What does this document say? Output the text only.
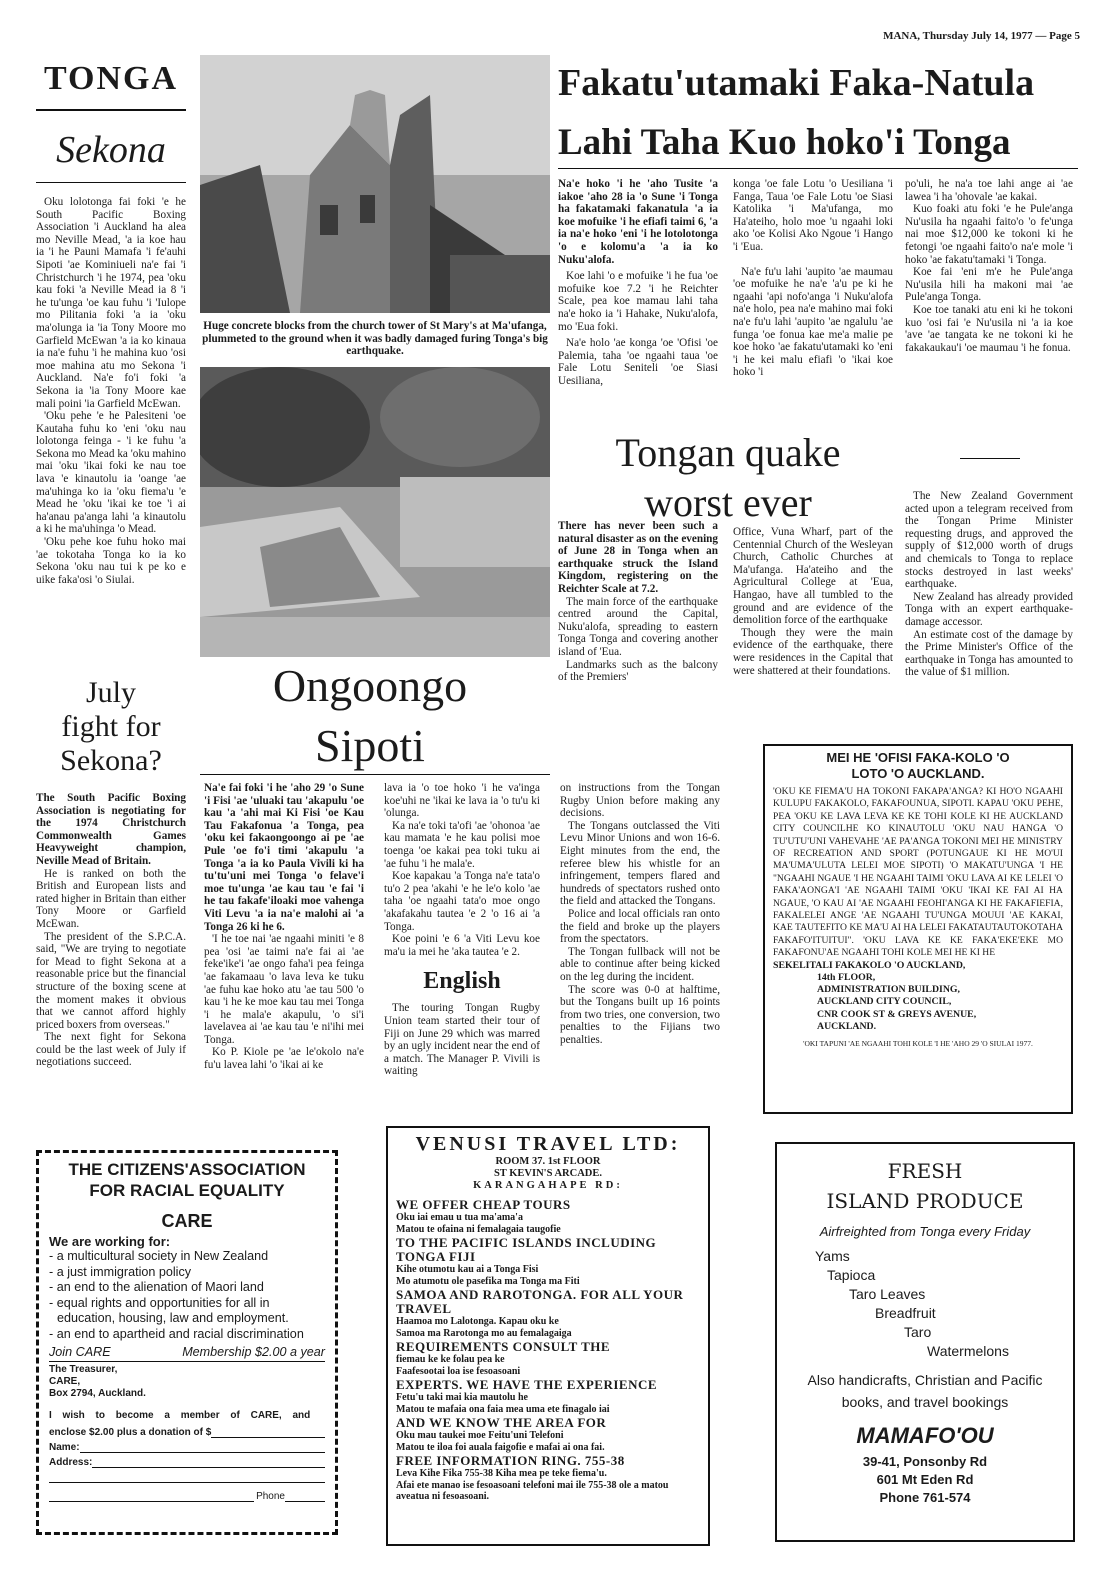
MANA, Thursday July 14, 1977 — Page 5
TONGA
Sekona

Oku lolotonga fai foki 'e he South Pacific Boxing Association 'i Auckland ha alea mo Neville Mead, 'a ia koe hau ia 'i he Pauni Mamafa 'i fe'auhi Sipoti 'ae Kominiueli na'e fai 'i Christchurch 'i he 1974, pea 'oku kau foki 'a Neville Mead ia 8 'i he tu'unga 'oe kau fuhu 'i 'Iulope mo Pilitania foki 'a ia 'oku ma'olunga ia 'ia Tony Moore mo Garfield McEwan 'a ia ko kinaua ia na'e fuhu 'i he mahina kuo 'osi moe mahina atu mo Sekona 'i Auckland. Na'e fo'i foki 'a Sekona ia 'ia Tony Moore kae mali poini 'ia Garfield McEwan.

'Oku pehe 'e he Palesiteni 'oe Kautaha fuhu ko 'eni 'oku nau lolotonga feinga - 'i ke fuhu 'a Sekona mo Mead ka 'oku mahino mai 'oku 'ikai foki ke nau toe lava 'e kinautolu ia 'oange 'ae ma'uhinga ko ia 'oku fiema'u 'e Mead he 'oku 'ikai ke toe 'i ai ha'anau pa'anga lahi 'a kinautolu a ki he ma'uhinga 'o Mead.

'Oku pehe koe fuhu hoko mai 'ae tokotaha Tonga ko ia ko Sekona 'oku nau tui k pe ko e uike faka'osi 'o Siulai.

Huge concrete blocks from the church tower of St Mary's at Ma'ufanga, plummeted to the ground when it was badly damaged furing Tonga's big earthquake.
Fakatu'utamaki Faka-Natula
Lahi Taha Kuo hoko'i Tonga

Na'e hoko 'i he 'aho Tusite 'a iakoe 'aho 28 ia 'o Sune 'i Tonga ha fakatamaki fakanatula 'a ia koe mofuike 'i he efiafi taimi 6, 'a ia na'e hoko 'eni 'i he lotolotonga 'o e kolomu'a 'a ia ko Nuku'alofa.

Koe lahi 'o e mofuike 'i he fua 'oe mofuike koe 7.2 'i he Reichter Scale, pea koe mamau lahi taha na'e hoko ia 'i Hahake, Nuku'alofa, mo 'Eua foki.

Na'e holo 'ae konga 'oe 'Ofisi 'oe Palemia, taha 'oe ngaahi taua 'oe Fale Lotu Seniteli 'oe Siasi Uesiliana,

konga 'oe fale Lotu 'o Uesiliana 'i Fanga, Taua 'oe Fale Lotu 'oe Siasi Katolika 'i Ma'ufanga, mo Ha'ateiho, holo moe 'u ngaahi loki ako 'oe Kolisi Ako Ngoue 'i Hango 'i 'Eua.

Na'e fu'u lahi 'aupito 'ae maumau 'oe mofuike he na'e 'a'u pe ki he ngaahi 'api nofo'anga 'i Nuku'alofa na'e holo, pea na'e mahino mai foki na'e fu'u lahi 'aupito 'ae ngalulu 'ae funga 'oe fonua kae me'a malie pe koe hoko 'ae fakatu'utamaki ko 'eni 'i he kei malu efiafi 'o 'ikai koe hoko 'i

po'uli, he na'a toe lahi ange ai 'ae lawea 'i ha 'ohovale 'ae kakai.

Kuo foaki atu foki 'e he Pule'anga Nu'usila ha ngaahi faito'o 'o fe'unga nai moe $12,000 ke tokoni ki he fetongi 'oe ngaahi faito'o na'e mole 'i hoko 'ae fakatu'tamaki 'i Tonga.

Koe fai 'eni m'e he Pule'anga Nu'usila hili ha makoni mai 'ae Pule'anga Tonga.

Koe toe tanaki atu eni ki he tokoni kuo 'osi fai 'e Nu'usila ni 'a ia koe 'ave 'ae tangata ke ne tokoni ki he fakakaukau'i 'oe maumau 'i he fonua.

Tongan quake
worst ever

There has never been such a natural disaster as on the evening of June 28 in Tonga when an earthquake struck the Island Kingdom, registering on the Reichter Scale at 7.2.

The main force of the earthquake centred around the Capital, Nuku'alofa, spreading to eastern Tonga Tonga and covering another island of 'Eua.

Landmarks such as the balcony of the Premiers'

Office, Vuna Wharf, part of the Centennial Church of the Wesleyan Church, Catholic Churches at Ma'ufanga. Ha'ateiho and the Agricultural College at 'Eua, Hangao, have all tumbled to the ground and are evidence of the demolition force of the earthquake

Though they were the main evidence of the earthquake, there were residences in the Capital that were shattered at their foundations.

The New Zealand Government acted upon a telegram received from the Tongan Prime Minister requesting drugs, and approved the supply of $12,000 worth of drugs and chemicals to Tonga to replace stocks destroyed in last weeks' earthquake.

New Zealand has already provided Tonga with an expert earthquake-damage accessor.

An estimate cost of the damage by the Prime Minister's Office of the earthquake in Tonga has amounted to the value of $1 million.

July
fight for
Sekona?

The South Pacific Boxing Association is negotiating for the 1974 Christchurch Commonwealth Games Heavyweight champion, Neville Mead of Britain.

He is ranked on both the British and European lists and rated higher in Britain than either Tony Moore or Garfield McEwan.

The president of the S.P.C.A. said, "We are trying to negotiate for Mead to fight Sekona at a reasonable price but the financial structure of the boxing scene at the moment makes it obvious that we cannot afford highly priced boxers from overseas."

The next fight for Sekona could be the last week of July if negotiations succeed.

Ongoongo
Sipoti

Na'e fai foki 'i he 'aho 29 'o Sune 'i Fisi 'ae 'uluaki tau 'akapulu 'oe kau 'a 'ahi mai Ki Fisi 'oe Kau Tau Fakafonua 'a Tonga, pea 'oku kei fakaongoongo ai pe 'ae Pule 'oe fo'i timi 'akapulu 'a Tonga 'a ia ko Paula Vivili ki ha tu'tu'uni mei Tonga 'o felave'i moe tu'unga 'ae kau tau 'e fai 'i he tau fakafe'iloaki moe vahenga Viti Levu 'a ia na'e malohi ai 'a Tonga 26 ki he 6.

'I he toe nai 'ae ngaahi miniti 'e 8 pea 'osi 'ae taimi na'e fai ai 'ae feke'ike'i 'ae ongo faha'i pea feinga 'ae fakamaau 'o lava leva ke tuku 'ae fuhu kae hoko atu 'ae tau 500 'o kau 'i he ke moe kau tau mei Tonga 'i he mala'e akapulu, 'o si'i lavelavea ai 'ae kau tau 'e ni'ihi mei Tonga.

Ko P. Kiole pe 'ae le'okolo na'e fu'u lavea lahi 'o 'ikai ai ke

lava ia 'o toe hoko 'i he va'inga koe'uhi ne 'ikai ke lava ia 'o tu'u ki 'olunga.

Ka na'e toki ta'ofi 'ae 'ohonoa 'ae kau mamata 'e he kau polisi moe toenga 'oe kakai pea toki tuku ai 'ae fuhu 'i he mala'e.

Koe kapakau 'a Tonga na'e tata'o tu'o 2 pea 'akahi 'e he le'o kolo 'ae taha 'oe ngaahi tata'o moe ongo 'akafakahu tautea 'e 2 'o 16 ai 'a Tonga.

Koe poini 'e 6 'a Viti Levu koe ma'u ia mei he 'aka tautea 'e 2.

English

The touring Tongan Rugby Union team started their tour of Fiji on June 29 which was marred by an ugly incident near the end of a match. The Manager P. Vivili is waiting

on instructions from the Tongan Rugby Union before making any decisions.

The Tongans outclassed the Viti Levu Minor Unions and won 16-6. Eight minutes from the end, the referee blew his whistle for an infringement, tempers flared and hundreds of spectators rushed onto the field and attacked the Tongans.

Police and local officials ran onto the field and broke up the players from the spectators.

The Tongan fullback will not be able to continue after being kicked on the leg during the incident.

The score was 0-0 at halftime, but the Tongans built up 16 points from two tries, one conversion, two penalties to the Fijians two penalties.

MEI HE 'OFISI FAKA-KOLO 'O
LOTO 'O AUCKLAND.
'OKU KE FIEMA'U HA TOKONI FAKAPA'ANGA? KI HO'O NGAAHI KULUPU FAKAKOLO, FAKAFOUNUA, SIPOTI. KAPAU 'OKU PEHE, PEA 'OKU KE LAVA LEVA KE KE TOHI KOLE KI HE AUCKLAND CITY COUNCILHE KO KINAUTOLU 'OKU NAU HANGA 'O TU'UTU'UNI VAHEVAHE 'AE PA'ANGA TOKONI MEI HE MINISTRY OF RECREATION AND SPORT (POTUNGAUE KI HE MO'UI MA'UMA'ULUTA LELEI MOE SIPOTI) 'O MAKATU'UNGA 'I HE "NGAAHI NGAUE 'I HE NGAAHI TAIMI 'OKU LAVA AI KE LELEI 'O FAKA'AONGA'I 'AE NGAAHI TAIMI 'OKU 'IKAI KE FAI AI HA NGAUE, 'O KAU AI 'AE NGAAHI FEOHI'ANGA KI HE FAKAFIEFIA, FAKALELEI ANGE 'AE NGAAHI TU'UNGA MOUUI 'AE KAKAI, KAE TAUTEFITO KE MA'U AI HA LELEI FAKATAUTAUTOKOTAHA FAKAFO'ITUITUI". 'OKU LAVA KE KE FAKA'EKE'EKE MO FAKAFONU'AE NGAAHI TOHI KOLE MEI HE KI HE
SEKELITALI FAKAKOLO 'O AUCKLAND,
14th FLOOR,
ADMINISTRATION BUILDING,
AUCKLAND CITY COUNCIL,
CNR COOK ST & GREYS AVENUE,
AUCKLAND.
'OKI TAPUNI 'AE NGAAHI TOHI KOLE 'I HE 'AHO 29 'O SIULAI 1977.
THE CITIZENS'ASSOCIATION
FOR RACIAL EQUALITY
CARE
We are working for:
- a multicultural society in New Zealand
- a just immigration policy
- an end to the alienation of Maori land
- equal rights and opportunities for all in education, housing, law and employment.
- an end to apartheid and racial discrimination
Join CARE	Membership $2.00 a year
The Treasurer,
CARE,
Box 2794, Auckland.
I wish to become a member of CARE, and
enclose $2.00 plus a donation of $
Name:
Address:
Phone
VENUSI TRAVEL LTD:
ROOM 37. 1st FLOOR
ST KEVIN'S ARCADE.
KARANGAHAPE RD:
WE OFFER CHEAP TOURS
Oku iai emau u tua ma'ama'a
Matou te ofaina ni femalagaia taugofie
TO THE PACIFIC ISLANDS INCLUDING TONGA FIJI
Kihe otumotu kau ai a Tonga Fisi
Mo atumotu ole pasefika ma Tonga ma Fiti
SAMOA AND RAROTONGA. FOR ALL YOUR TRAVEL
Haamoa mo Lalotonga. Kapau oku ke
Samoa ma Rarotonga mo au femalagaiga
REQUIREMENTS CONSULT THE
fiemau ke ke folau pea ke
Faafesootai loa ise fesoasoani
EXPERTS. WE HAVE THE EXPERIENCE
Fetu'u taki mai kia mautolu he
Matou te mafaia ona faia mea uma ete finagalo iai
AND WE KNOW THE AREA FOR
Oku mau taukei moe Feitu'uni Telefoni
Matou te iloa foi auala faigofie e mafai ai ona fai.
FREE INFORMATION RING. 755-38
Leva Kihe Fika 755-38 Kiha mea pe teke fiema'u.
Afai ete manao ise fesoasoani telefoni mai ile 755-38 ole a matou aveatua ni fesoasoani.
FRESH
ISLAND PRODUCE
Airfreighted from Tonga every Friday
Yams
Tapioca
Taro Leaves
Breadfruit
Taro
Watermelons
Also handicrafts, Christian and Pacific books, and travel bookings
MAMAFO'OU
39-41, Ponsonby Rd
601 Mt Eden Rd
Phone 761-574
